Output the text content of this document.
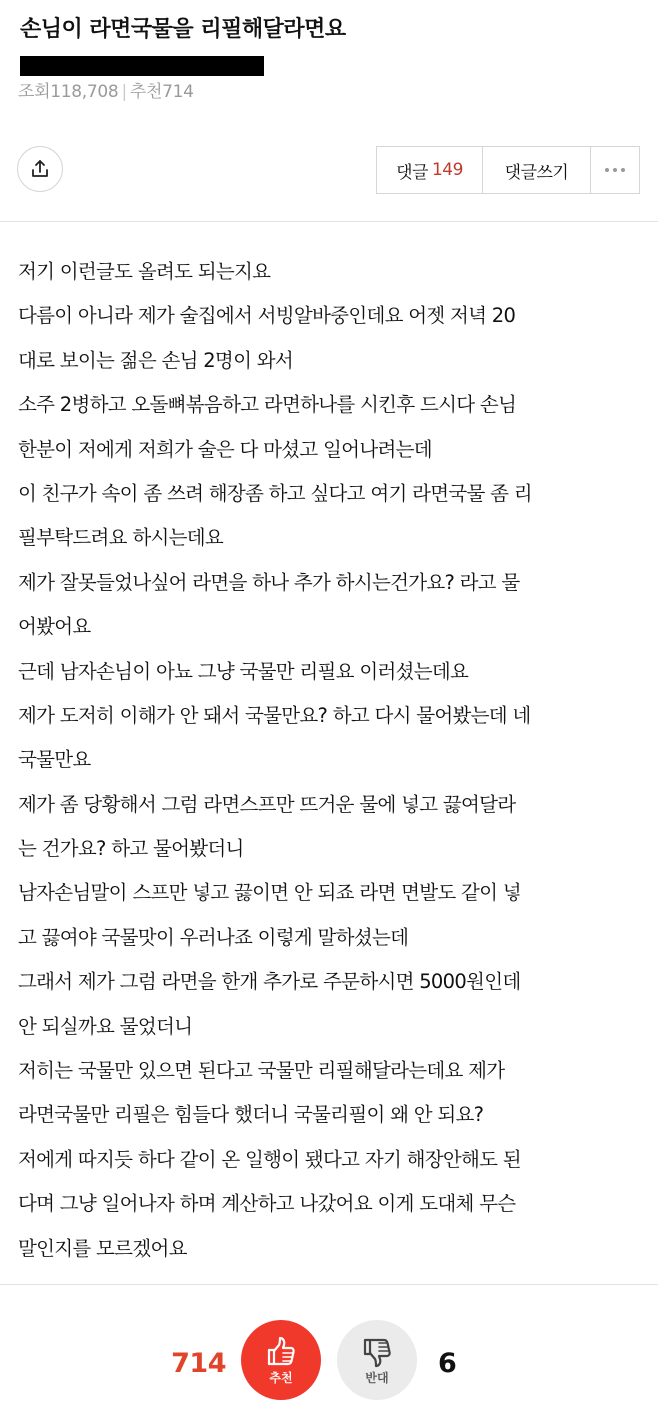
손님이 라면국물을 리필해달라면요
조회118,708 | 추천714
댓글 149 댓글쓰기
저기 이런글도 올려도 되는지요
다름이 아니라 제가 술집에서 서빙알바중인데요 어젯 저녁 20
대로 보이는 젊은 손님 2명이 와서
소주 2병하고 오돌뼈볶음하고 라면하나를 시킨후 드시다 손님
한분이 저에게 저희가 술은 다 마셨고 일어나려는데
이 친구가 속이 좀 쓰려 해장좀 하고 싶다고 여기 라면국물 좀 리
필부탁드려요 하시는데요
제가 잘못들었나싶어 라면을 하나 추가 하시는건가요? 라고 물
어봤어요
근데 남자손님이 아뇨 그냥 국물만 리필요 이러셨는데요
제가 도저히 이해가 안 돼서 국물만요? 하고 다시 물어봤는데 네
국물만요
제가 좀 당황해서 그럼 라면스프만 뜨거운 물에 넣고 끓여달라
는 건가요? 하고 물어봤더니
남자손님말이 스프만 넣고 끓이면 안 되죠 라면 면발도 같이 넣
고 끓여야 국물맛이 우러나죠 이렇게 말하셨는데
그래서 제가 그럼 라면을 한개 추가로 주문하시면 5000원인데
안 되실까요 물었더니
저히는 국물만 있으면 된다고 국물만 리필해달라는데요 제가
라면국물만 리필은 힘들다 했더니 국물리필이 왜 안 되요?
저에게 따지듯 하다 같이 온 일행이 됐다고 자기 해장안해도 된
다며 그냥 일어나자 하며 계산하고 나갔어요 이게 도대체 무슨
말인지를 모르겠어요
714	추천	반대 6
